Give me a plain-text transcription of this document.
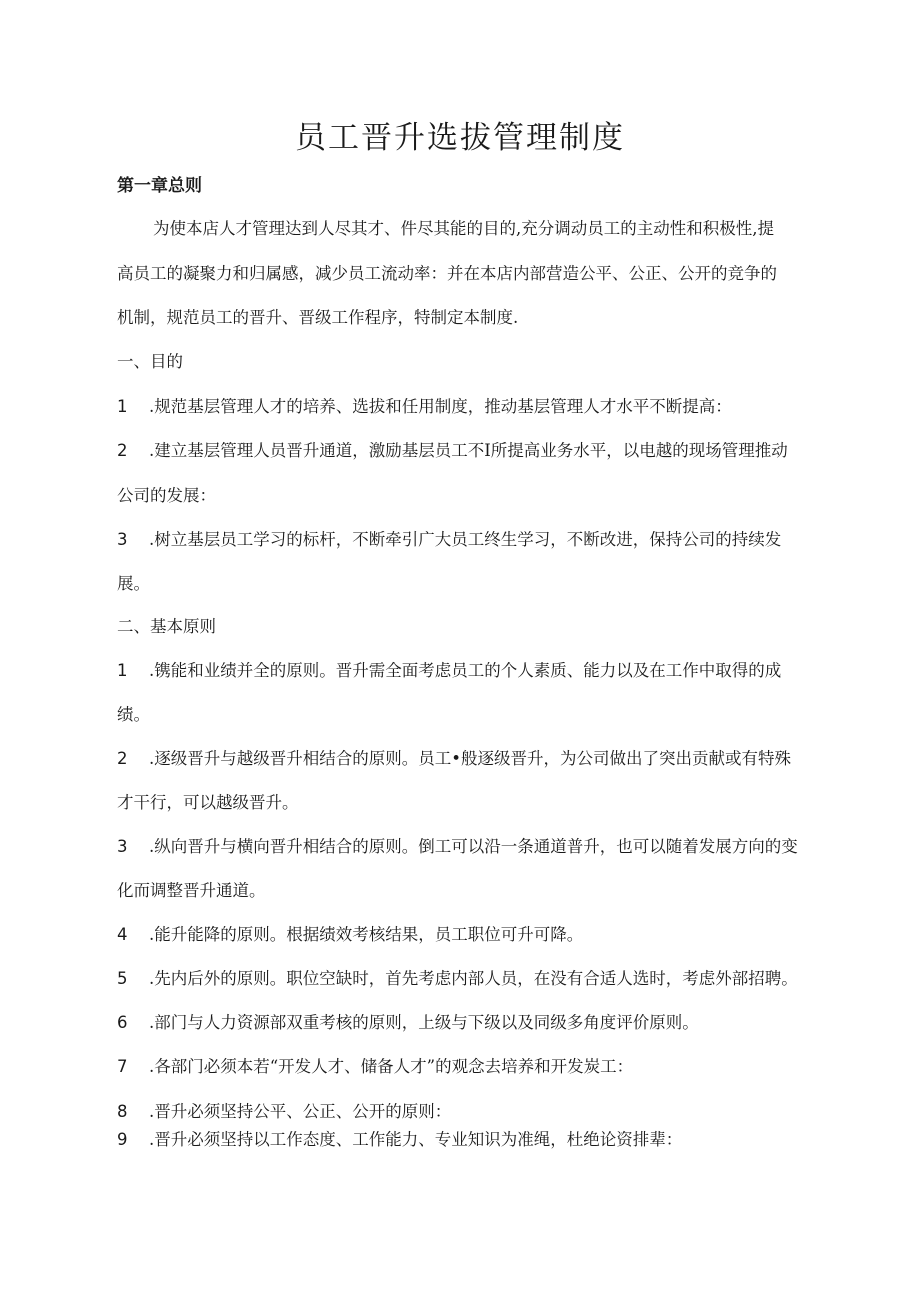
员工晋升选拔管理制度

第一章总则

为使本店人才管理达到人尽其才、件尽其能的目的,充分调动员工的主动性和积极性,提

高员工的凝聚力和归属感，减少员工流动率：并在本店内部营造公平、公正、公开的竞争的

机制，规范员工的晋升、晋级工作程序，特制定本制度.

一、目的

1 .规范基层管理人才的培养、选拔和任用制度，推动基层管理人才水平不断提高：

2 .建立基层管理人员晋升通道，激励基层员工不I所提高业务水平，以电越的现场管理推动

公司的发展：

3 .树立基层员工学习的标杆，不断牵引广大员工终生学习，不断改进，保持公司的持续发

展。

二、基本原则

1 .镌能和业绩并全的原则。晋升需全面考虑员工的个人素质、能力以及在工作中取得的成

绩。

2 .逐级晋升与越级晋升相结合的原则。员工•般逐级晋升，为公司做出了突出贡献或有特殊

才干行，可以越级晋升。

3 .纵向晋升与横向晋升相结合的原则。倒工可以沿一条通道普升，也可以随着发展方向的变

化而调整晋升通道。

4 .能升能降的原则。根据绩效考核结果，员工职位可升可降。

5 .先内后外的原则。职位空缺时，首先考虑内部人员，在没有合适人选时，考虑外部招聘。

6 .部门与人力资源部双重考核的原则，上级与下级以及同级多角度评价原则。

7 .各部门必须本若“开发人才、储备人才”的观念去培养和开发炭工：

8 .晋升必须坚持公平、公正、公开的原则：

9 .晋升必须坚持以工作态度、工作能力、专业知识为准绳，杜绝论资排辈：
